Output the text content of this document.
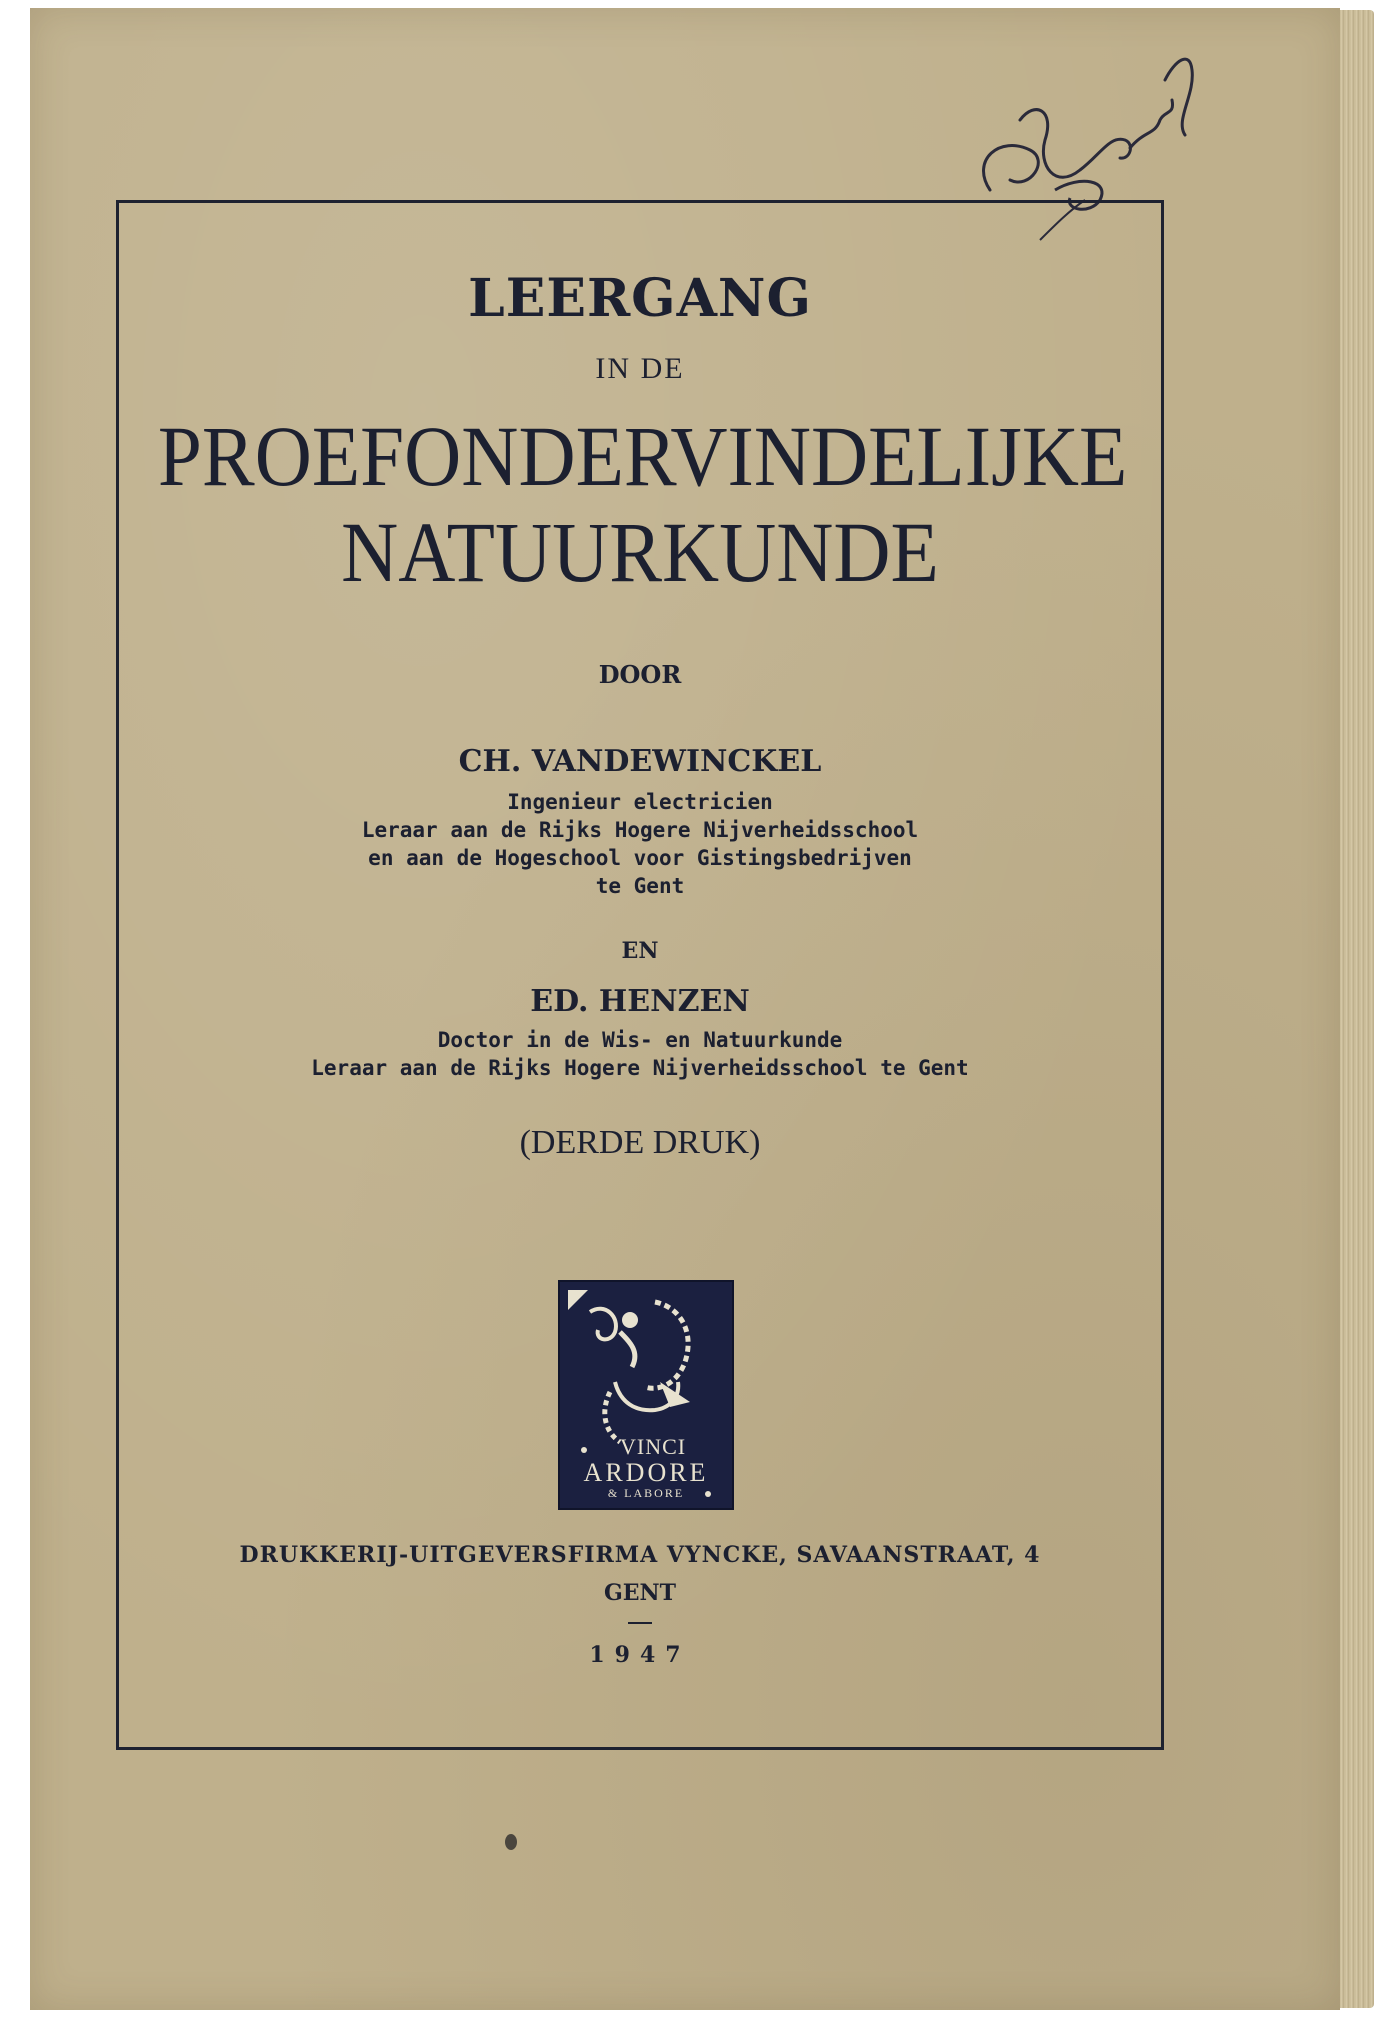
LEERGANG
IN DE
PROEFONDERVINDELIJKE
NATUURKUNDE
DOOR
CH. VANDEWINCKEL
Ingenieur electricien
Leraar aan de Rijks Hogere Nijverheidsschool
en aan de Hogeschool voor Gistingsbedrijven
te Gent
EN
ED. HENZEN
Doctor in de Wis- en Natuurkunde
Leraar aan de Rijks Hogere Nijverheidsschool te Gent
(DERDE DRUK)
VINCI
ARDORE
& LABORE
DRUKKERIJ-UITGEVERSFIRMA VYNCKE, SAVAANSTRAAT, 4
GENT
1947
